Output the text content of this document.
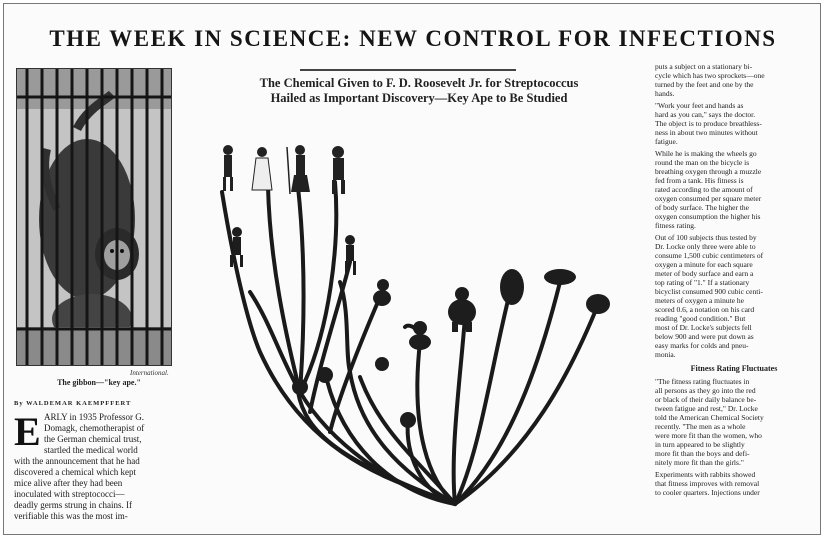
THE WEEK IN SCIENCE: NEW CONTROL FOR INFECTIONS
International.
The gibbon—"key ape."
By WALDEMAR KAEMPFFERT
E ARLY in 1935 Professor G.
Domagk, chemotherapist of
the German chemical trust,
startled the medical world
with the announcement that he had
discovered a chemical which kept
mice alive after they had been
inoculated with streptococci—
deadly germs strung in chains. If
verifiable this was the most im-
The Chemical Given to F. D. Roosevelt Jr. for Streptococcus
Hailed as Important Discovery—Key Ape to Be Studied
puts a subject on a stationary bi-
cycle which has two sprockets—one
turned by the feet and one by the
hands.
"Work your feet and hands as
hard as you can," says the doctor.
The object is to produce breathless-
ness in about two minutes without
fatigue.
While he is making the wheels go
round the man on the bicycle is
breathing oxygen through a muzzle
fed from a tank. His fitness is
rated according to the amount of
oxygen consumed per square meter
of body surface. The higher the
oxygen consumption the higher his
fitness rating.
Out of 100 subjects thus tested by
Dr. Locke only three were able to
consume 1,500 cubic centimeters of
oxygen a minute for each square
meter of body surface and earn a
top rating of "1." If a stationary
bicyclist consumed 900 cubic centi-
meters of oxygen a minute he
scored 0.6, a notation on his card
reading "good condition." But
most of Dr. Locke's subjects fell
below 900 and were put down as
easy marks for colds and pneu-
monia.
Fitness Rating Fluctuates
"The fitness rating fluctuates in
all persons as they go into the red
or black of their daily balance be-
tween fatigue and rest," Dr. Locke
told the American Chemical Society
recently. "The men as a whole
were more fit than the women, who
in turn appeared to be slightly
more fit than the boys and defi-
nitely more fit than the girls."
Experiments with rabbits showed
that fitness improves with removal
to cooler quarters. Injections under
